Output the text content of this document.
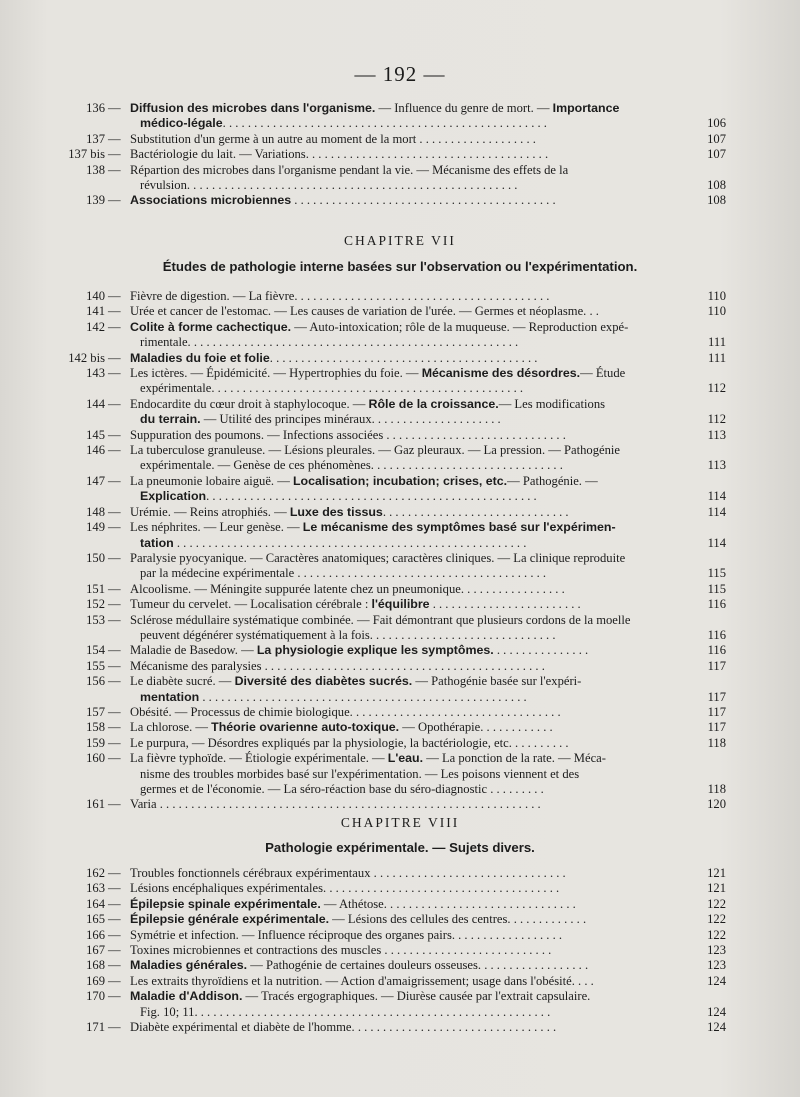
— 192 —
136 — Diffusion des microbes dans l'organisme. — Influence du genre de mort. — Importance
médico-légale. . . . . . . . . . . . . . . . . . . . . . . . . . . . . . . . . . . . . . . . . . . . . . . . . . . .	106
137 — Substitution d'un germe à un autre au moment de la mort . . . . . . . . . . . . . . . . . . .	107
137 bis — Bactériologie du lait. — Variations. . . . . . . . . . . . . . . . . . . . . . . . . . . . . . . . . . . . . . .	107
138 — Répartion des microbes dans l'organisme pendant la vie. — Mécanisme des effets de la
révulsion. . . . . . . . . . . . . . . . . . . . . . . . . . . . . . . . . . . . . . . . . . . . . . . . . . . . .	108
139 — Associations microbiennes . . . . . . . . . . . . . . . . . . . . . . . . . . . . . . . . . . . . . . . . . .	108
CHAPITRE VII
Études de pathologie interne basées sur l'observation ou l'expérimentation.
140 — Fièvre de digestion. — La fièvre. . . . . . . . . . . . . . . . . . . . . . . . . . . . . . . . . . . . . . . . .	110
141 — Urée et cancer de l'estomac. — Les causes de variation de l'urée. — Germes et néoplasme. . .	110
142 — Colite à forme cachectique. — Auto-intoxication; rôle de la muqueuse. — Reproduction expé-
rimentale. . . . . . . . . . . . . . . . . . . . . . . . . . . . . . . . . . . . . . . . . . . . . . . . . . . . .	111
142 bis — Maladies du foie et folie. . . . . . . . . . . . . . . . . . . . . . . . . . . . . . . . . . . . . . . . . . .	111
143 — Les ictères. — Épidémicité. — Hypertrophies du foie. — Mécanisme des désordres.— Étude
expérimentale. . . . . . . . . . . . . . . . . . . . . . . . . . . . . . . . . . . . . . . . . . . . . . . . . .	112
144 — Endocardite du cœur droit à staphylocoque. — Rôle de la croissance.— Les modifications
du terrain. — Utilité des principes minéraux. . . . . . . . . . . . . . . . . . . . .	112
145 — Suppuration des poumons. — Infections associées . . . . . . . . . . . . . . . . . . . . . . . . . . . . .	113
146 — La tuberculose granuleuse. — Lésions pleurales. — Gaz pleuraux. — La pression. — Pathogénie
expérimentale. — Genèse de ces phénomènes. . . . . . . . . . . . . . . . . . . . . . . . . . . . . . .	113
147 — La pneumonie lobaire aiguë. — Localisation; incubation; crises, etc.— Pathogénie. —
Explication. . . . . . . . . . . . . . . . . . . . . . . . . . . . . . . . . . . . . . . . . . . . . . . . . . . . .	114
148 — Urémie. — Reins atrophiés. — Luxe des tissus. . . . . . . . . . . . . . . . . . . . . . . . . . . . . .	114
149 — Les néphrites. — Leur genèse. — Le mécanisme des symptômes basé sur l'expérimen-
tation . . . . . . . . . . . . . . . . . . . . . . . . . . . . . . . . . . . . . . . . . . . . . . . . . . . . . . . .	114
150 — Paralysie pyocyanique. — Caractères anatomiques; caractères cliniques. — La clinique reproduite
par la médecine expérimentale . . . . . . . . . . . . . . . . . . . . . . . . . . . . . . . . . . . . . . . .	115
151 — Alcoolisme. — Méningite suppurée latente chez un pneumonique. . . . . . . . . . . . . . . . .	115
152 — Tumeur du cervelet. — Localisation cérébrale : l'équilibre . . . . . . . . . . . . . . . . . . . . . . . .	116
153 — Sclérose médullaire systématique combinée. — Fait démontrant que plusieurs cordons de la moelle
peuvent dégénérer systématiquement à la fois. . . . . . . . . . . . . . . . . . . . . . . . . . . . . .	116
154 — Maladie de Basedow. — La physiologie explique les symptômes. . . . . . . . . . . . . . . .	116
155 — Mécanisme des paralysies . . . . . . . . . . . . . . . . . . . . . . . . . . . . . . . . . . . . . . . . . . . . .	117
156 — Le diabète sucré. — Diversité des diabètes sucrés. — Pathogénie basée sur l'expéri-
mentation . . . . . . . . . . . . . . . . . . . . . . . . . . . . . . . . . . . . . . . . . . . . . . . . . . . .	117
157 — Obésité. — Processus de chimie biologique. . . . . . . . . . . . . . . . . . . . . . . . . . . . . . . . . .	117
158 — La chlorose. — Théorie ovarienne auto-toxique. — Opothérapie. . . . . . . . . . . .	117
159 — Le purpura, — Désordres expliqués par la physiologie, la bactériologie, etc. . . . . . . . . .	118
160 — La fièvre typhoïde. — Étiologie expérimentale. — L'eau. — La ponction de la rate. — Méca-
nisme des troubles morbides basé sur l'expérimentation. — Les poisons viennent et des
germes et de l'économie. — La séro-réaction base du séro-diagnostic . . . . . . . . .	118
161 — Varia . . . . . . . . . . . . . . . . . . . . . . . . . . . . . . . . . . . . . . . . . . . . . . . . . . . . . . . . . . . . .	120
CHAPITRE VIII
Pathologie expérimentale. — Sujets divers.
162 — Troubles fonctionnels cérébraux expérimentaux . . . . . . . . . . . . . . . . . . . . . . . . . . . . . . .	121
163 — Lésions encéphaliques expérimentales. . . . . . . . . . . . . . . . . . . . . . . . . . . . . . . . . . . . . .	121
164 — Épilepsie spinale expérimentale. — Athétose. . . . . . . . . . . . . . . . . . . . . . . . . . . . . . .	122
165 — Épilepsie générale expérimentale. — Lésions des cellules des centres. . . . . . . . . . . . .	122
166 — Symétrie et infection. — Influence réciproque des organes pairs. . . . . . . . . . . . . . . . . .	122
167 — Toxines microbiennes et contractions des muscles . . . . . . . . . . . . . . . . . . . . . . . . . . .	123
168 — Maladies générales. — Pathogénie de certaines douleurs osseuses. . . . . . . . . . . . . . . . . .	123
169 — Les extraits thyroïdiens et la nutrition. — Action d'amaigrissement; usage dans l'obésité. . . .	124
170 — Maladie d'Addison. — Tracés ergographiques. — Diurèse causée par l'extrait capsulaire.
Fig. 10; 11. . . . . . . . . . . . . . . . . . . . . . . . . . . . . . . . . . . . . . . . . . . . . . . . . . . . . . . . .	124
171 — Diabète expérimental et diabète de l'homme. . . . . . . . . . . . . . . . . . . . . . . . . . . . . . . . .	124
